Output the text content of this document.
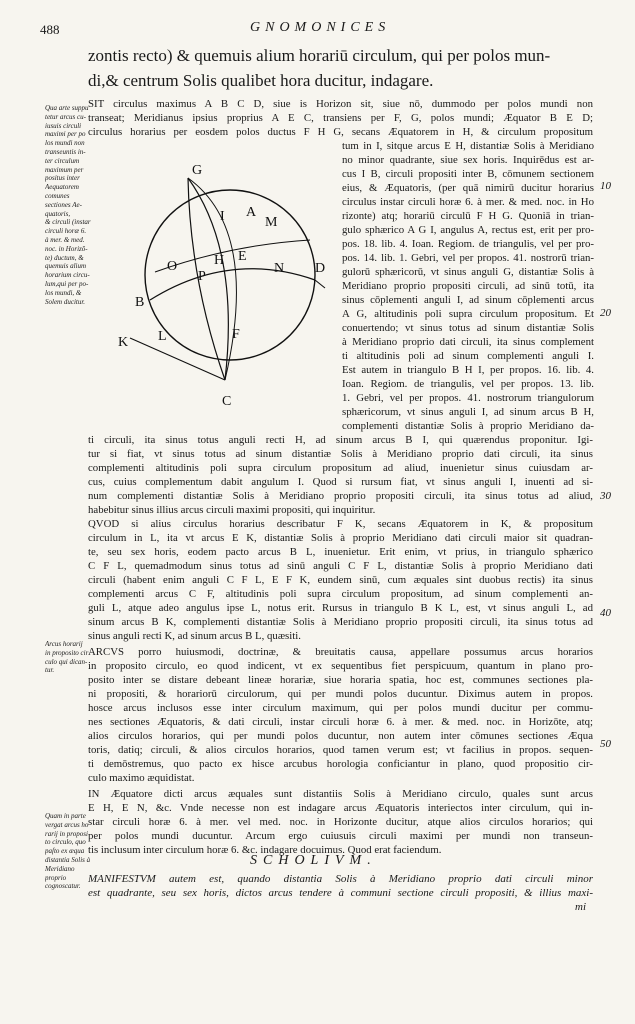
488	GNOMONICES
zontis recto) & quemuis alium horariū circulum, qui per polos mun-
di,& centrum Solis qualibet hora ducitur, indagare.
Qua arte suppu
tetur arcus cu-
iusuis circuli
maximi per po
los mundi non
transeuntis in-
ter circulum
maximum per
positus inter
Aequatorem
comunes
sectiones Ae-
quatoris,
& circuli (instar
circuli horæ 6.
à mer. & med.
noc. in Horizō-
te) ductum, &
quemuis alium
horarium circu-
lum,qui per po-
los mundi, &
Solem ducitur.
Arcus horarij
in proposito cir
culo qui dican-
tur.
Quam in parte
vergat arcus ho
rarij in proposi
to circulo, quo
paſto ex æqua
distantia Solis à
Meridiano
proprio
cognoscatur.
10
20
30
40
50
G
I A
M
O
P
H E
N
B
L	F
D
K
C
SIT circulus maximus A B C D, siue is Horizon sit, siue nō, dummodo per polos mundi non
transeat; Meridianus ipsius proprius A E C, transiens per F, G, polos mundi; Æquator B E D;
circulus horarius per eosdem polos ductus F H G, secans Æquatorem in H, & circulum propositum
tum in I, sitque arcus E H, distantiæ Solis à Meridiano
no minor quadrante, siue sex horis. Inquirēdus est ar-
cus I B, circuli propositi inter B, cōmunem sectionem
eius, & Æquatoris, (per quā nimirū ducitur horarius
circulus instar circuli horæ 6. à mer. & med. noc. in Ho
rizonte) atq; horariū circulū F H G. Quoniā in trian-
gulo sphærico A G I, angulus A, rectus est, erit per pro-
pos. 18. lib. 4. Ioan. Regiom. de triangulis, vel per pro-
pos. 14. lib. 1. Gebri, vel per propos. 41. nostrorū trian-
gulorū sphæricorū, vt sinus anguli G, distantiæ Solis à
Meridiano proprio propositi circuli, ad sinū totū, ita
sinus cōplementi anguli I, ad sinum cōplementi arcus
A G, altitudinis poli supra circulum propositum. Et
conuertendo; vt sinus totus ad sinum distantiæ Solis
à Meridiano proprio dati circuli, ita sinus complement
ti altitudinis poli ad sinum complementi anguli I.
Est autem in triangulo B H I, per propos. 16. lib. 4.
Ioan. Regiom. de triangulis, vel per propos. 13. lib.
1. Gebri, vel per propos. 41. nostrorum triangulorum
sphæricorum, vt sinus anguli I, ad sinum arcus B H,
complementi distantiæ Solis à proprio Meridiano da-
ti circuli, ita sinus totus anguli recti H, ad sinum arcus B I, qui quærendus proponitur. Igi-
tur si fiat, vt sinus totus ad sinum distantiæ Solis à Meridiano proprio dati circuli, ita sinus
complementi altitudinis poli supra circulum propositum ad aliud, inuenietur sinus cuiusdam ar-
cus, cuius complementum dabit angulum I. Quod si rursum fiat, vt sinus anguli I, inuenti ad si-
num complementi distantiæ Solis à Meridiano proprio propositi circuli, ita sinus totus ad aliud,
habebitur sinus illius arcus circuli maximi propositi, qui inquiritur.
QVOD si alius circulus horarius describatur F K, secans Æquatorem in K, & propositum
circulum in L, ita vt arcus E K, distantiæ Solis à proprio Meridiano dati circuli maior sit quadran-
te, seu sex horis, eodem pacto arcus B L, inuenietur. Erit enim, vt prius, in triangulo sphærico
C F L, quemadmodum sinus totus ad sinū anguli C F L, distantiæ Solis à proprio Meridiano dati
circuli (habent enim anguli C F L, E F K, eundem sinū, cum æquales sint duobus rectis) ita sinus
complementi arcus C F, altitudinis poli supra circulum propositum, ad sinum complementi an-
guli L, atque adeo angulus ipse L, notus erit. Rursus in triangulo B K L, est, vt sinus anguli L, ad
sinum arcus B K, complementi distantiæ Solis à Meridiano proprio propositi circuli, ita sinus totus ad
sinus anguli recti K, ad sinum arcus B L, quæsiti.
ARCVS porro huiusmodi, doctrinæ, & breuitatis causa, appellare possumus arcus horarios
in proposito circulo, eo quod indicent, vt ex sequentibus fiet perspicuum, quantum in plano pro-
posito inter se distare debeant lineæ horariæ, siue horaria spatia, hoc est, communes sectiones pla-
ni propositi, & horariorū circulorum, qui per mundi polos ducuntur. Diximus autem in propos.
hosce arcus inclusos esse inter circulum maximum, qui per polos mundi ducitur per commu-
nes sectiones Æquatoris, & dati circuli, instar circuli horæ 6. à mer. & med. noc. in Horizōte, atq;
alios circulos horarios, qui per mundi polos ducuntur, non autem inter cōmunes sectiones Æqua
toris, datiq; circuli, & alios circulos horarios, quod tamen verum est; vt facilius in propos. sequen-
ti demōstremus, quo pacto ex hisce arcubus horologia conficiantur in plano, quod propositio cir-
culo maximo æquidistat.
IN Æquatore dicti arcus æquales sunt distantiis Solis à Meridiano circulo, quales sunt arcus
E H, E N, &c. Vnde necesse non est indagare arcus Æquatoris interiectos inter circulum, qui in-
star circuli horæ 6. à mer. vel med. noc. in Horizonte ducitur, atque alios circulos horarios; qui
per polos mundi ducuntur. Arcum ergo cuiusuis circuli maximi per mundi non transeun-
tis inclusum inter circulum horæ 6. &c. indagare docuimus. Quod erat faciendum.
SCHOLIVM.
MANIFESTVM autem est, quando distantia Solis à Meridiano proprio dati circuli minor
est quadrante, seu sex horis, dictos arcus tendere à communi sectione circuli propositi, & illius maxi-
mi
